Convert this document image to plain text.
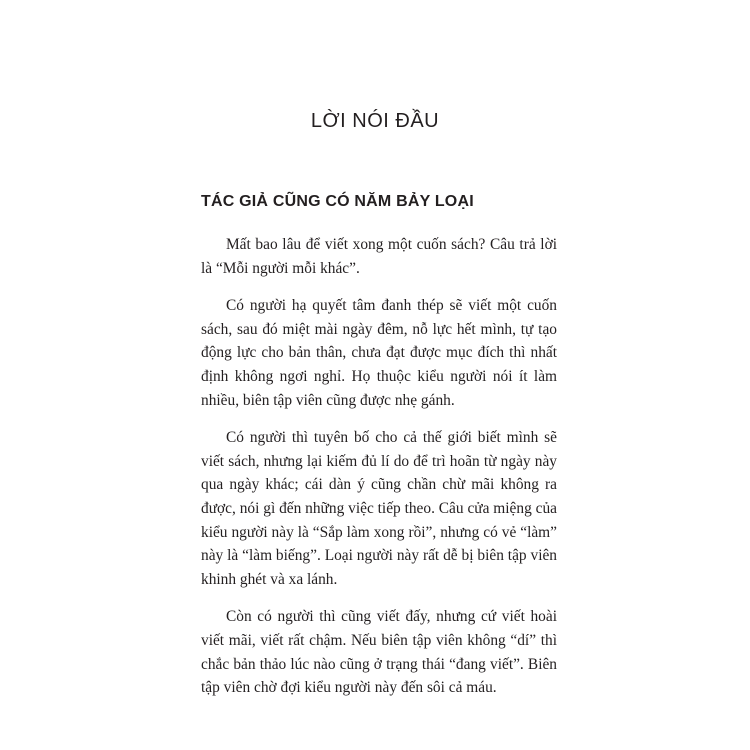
LỜI NÓI ĐẦU
TÁC GIẢ CŨNG CÓ NĂM BẢY LOẠI

Mất bao lâu để viết xong một cuốn sách? Câu trả lời là “Mỗi người mỗi khác”.

Có người hạ quyết tâm đanh thép sẽ viết một cuốn sách, sau đó miệt mài ngày đêm, nỗ lực hết mình, tự tạo động lực cho bản thân, chưa đạt được mục đích thì nhất định không ngơi nghỉ. Họ thuộc kiểu người nói ít làm nhiều, biên tập viên cũng được nhẹ gánh.

Có người thì tuyên bố cho cả thế giới biết mình sẽ viết sách, nhưng lại kiếm đủ lí do để trì hoãn từ ngày này qua ngày khác; cái dàn ý cũng chần chừ mãi không ra được, nói gì đến những việc tiếp theo. Câu cửa miệng của kiểu người này là “Sắp làm xong rồi”, nhưng có vẻ “làm” này là “làm biếng”. Loại người này rất dễ bị biên tập viên khinh ghét và xa lánh.

Còn có người thì cũng viết đấy, nhưng cứ viết hoài viết mãi, viết rất chậm. Nếu biên tập viên không “dí” thì chắc bản thảo lúc nào cũng ở trạng thái “đang viết”. Biên tập viên chờ đợi kiểu người này đến sôi cả máu.
